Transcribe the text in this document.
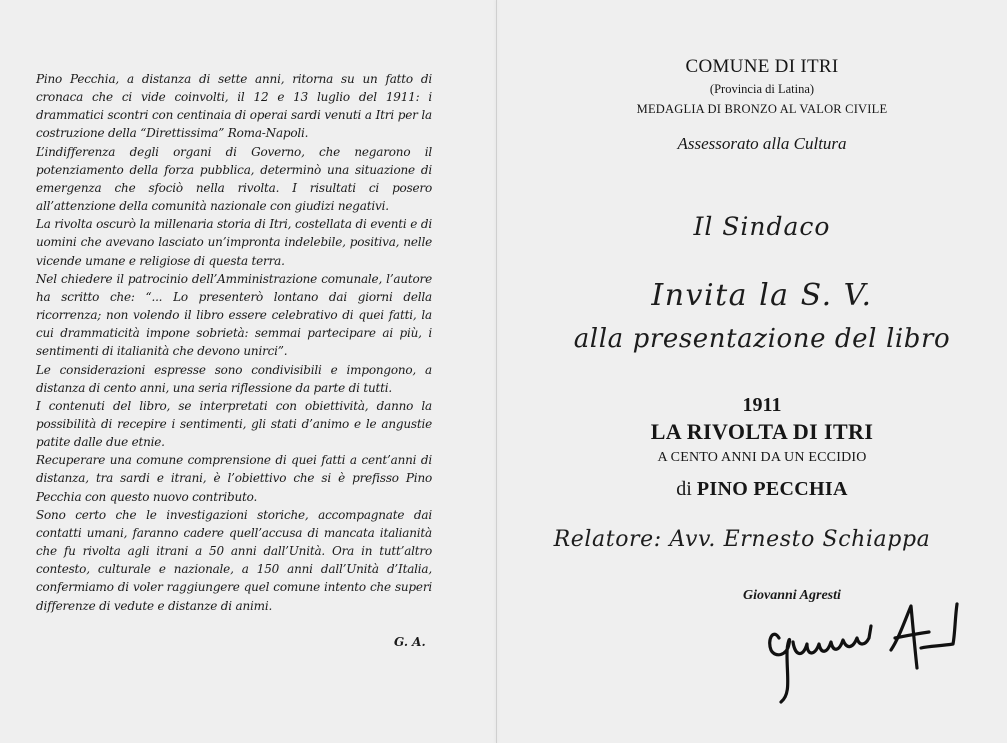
Pino Pecchia, a distanza di sette anni, ritorna su un fatto di cronaca che ci vide coinvolti, il 12 e 13 luglio del 1911: i drammatici scontri con centinaia di operai sardi venuti a Itri per la costruzione della “Direttissima” Roma-Napoli.

L’indifferenza degli organi di Governo, che negarono il potenziamento della forza pubblica, determinò una situazione di emergenza che sfociò nella rivolta. I risultati ci posero all’attenzione della comunità nazionale con giudizi negativi.

La rivolta oscurò la millenaria storia di Itri, costellata di eventi e di uomini che avevano lasciato un’impronta indelebile, positiva, nelle vicende umane e religiose di questa terra.

Nel chiedere il patrocinio dell’Amministrazione comunale, l’autore ha scritto che: “... Lo presenterò lontano dai giorni della ricorrenza; non volendo il libro essere celebrativo di quei fatti, la cui drammaticità impone sobrietà: semmai partecipare ai più, i sentimenti di italianità che devono unirci”.

Le considerazioni espresse sono condivisibili e impongono, a distanza di cento anni, una seria riflessione da parte di tutti.

I contenuti del libro, se interpretati con obiettività, danno la possibilità di recepire i sentimenti, gli stati d’animo e le angustie patite dalle due etnie.

Recuperare una comune comprensione di quei fatti a cent’anni di distanza, tra sardi e itrani, è l’obiettivo che si è prefisso Pino Pecchia con questo nuovo contributo.

Sono certo che le investigazioni storiche, accompagnate dai contatti umani, faranno cadere quell’accusa di mancata italianità che fu rivolta agli itrani a 50 anni dall’Unità. Ora in tutt’altro contesto, culturale e nazionale, a 150 anni dall’Unità d’Italia, confermiamo di voler raggiungere quel comune intento che superi differenze di vedute e distanze di animi.

G. A.
COMUNE DI ITRI
(Provincia di Latina)
MEDAGLIA DI BRONZO AL VALOR CIVILE
Assessorato alla Cultura
Il Sindaco
Invita la S. V.
alla presentazione del libro
1911
LA RIVOLTA DI ITRI
A CENTO ANNI DA UN ECCIDIO
di PINO PECCHIA
Relatore: Avv. Ernesto Schiappa
Giovanni Agresti
